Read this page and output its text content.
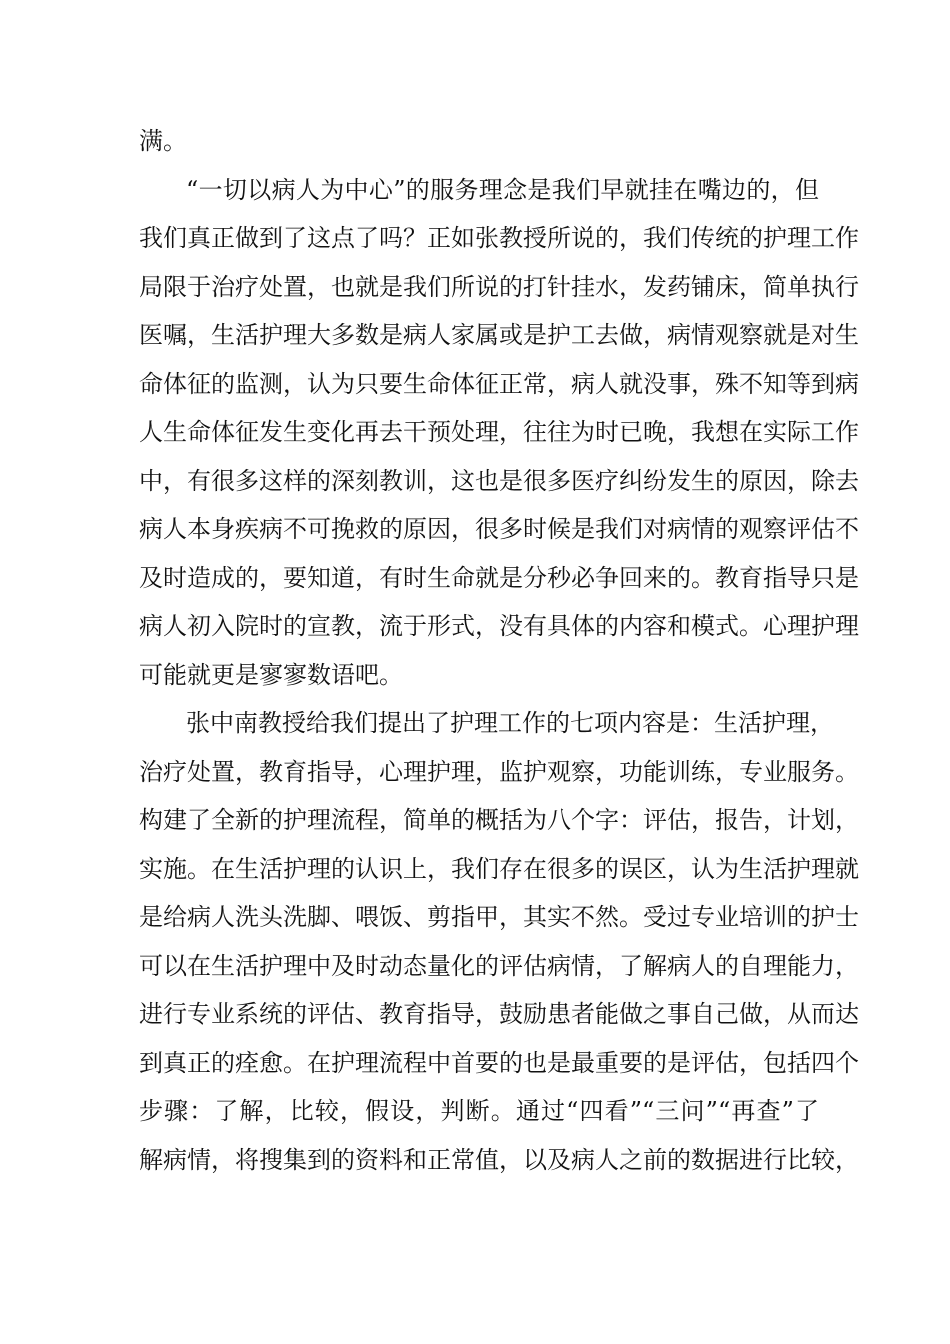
满。
“一切以病人为中心”的服务理念是我们早就挂在嘴边的，但
我们真正做到了这点了吗？正如张教授所说的，我们传统的护理工作
局限于治疗处置，也就是我们所说的打针挂水，发药铺床，简单执行
医嘱，生活护理大多数是病人家属或是护工去做，病情观察就是对生
命体征的监测，认为只要生命体征正常，病人就没事，殊不知等到病
人生命体征发生变化再去干预处理，往往为时已晚，我想在实际工作
中，有很多这样的深刻教训，这也是很多医疗纠纷发生的原因，除去
病人本身疾病不可挽救的原因，很多时候是我们对病情的观察评估不
及时造成的，要知道，有时生命就是分秒必争回来的。教育指导只是
病人初入院时的宣教，流于形式，没有具体的内容和模式。心理护理
可能就更是寥寥数语吧。
张中南教授给我们提出了护理工作的七项内容是：生活护理，
治疗处置，教育指导，心理护理，监护观察，功能训练，专业服务。
构建了全新的护理流程，简单的概括为八个字：评估，报告，计划，
实施。在生活护理的认识上，我们存在很多的误区，认为生活护理就
是给病人洗头洗脚、喂饭、剪指甲，其实不然。受过专业培训的护士
可以在生活护理中及时动态量化的评估病情，了解病人的自理能力，
进行专业系统的评估、教育指导，鼓励患者能做之事自己做，从而达
到真正的痊愈。在护理流程中首要的也是最重要的是评估，包括四个
步骤：了解，比较，假设，判断。通过“四看”“三问”“再查”了
解病情，将搜集到的资料和正常值，以及病人之前的数据进行比较，
